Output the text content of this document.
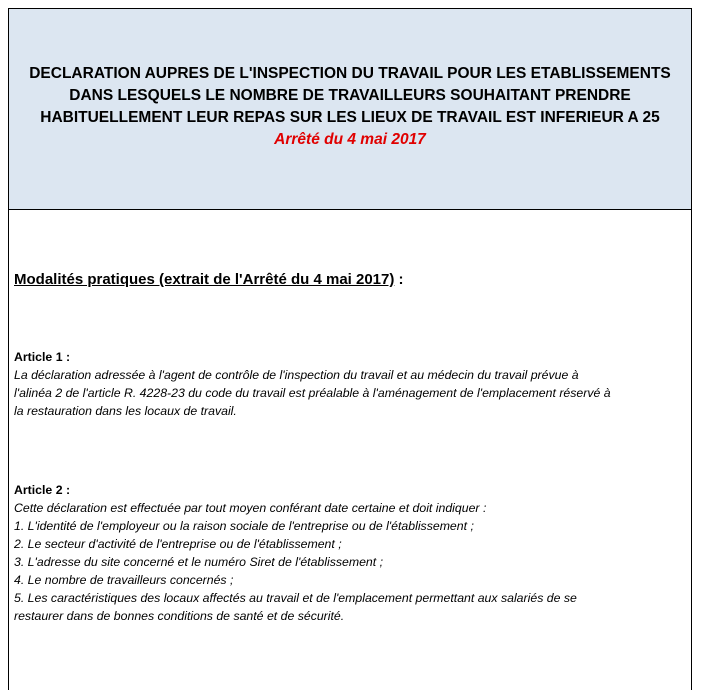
DECLARATION AUPRES DE L'INSPECTION DU TRAVAIL POUR LES ETABLISSEMENTS
DANS LESQUELS LE NOMBRE DE TRAVAILLEURS SOUHAITANT PRENDRE
HABITUELLEMENT LEUR REPAS SUR LES LIEUX DE TRAVAIL EST INFERIEUR A 25
Arrêté du 4 mai 2017
Modalités pratiques (extrait de l'Arrêté du 4 mai 2017) :
Article 1 :
La déclaration adressée à l'agent de contrôle de l'inspection du travail et au médecin du travail prévue à
l'alinéa 2 de l'article R. 4228-23 du code du travail est préalable à l'aménagement de l'emplacement réservé à
la restauration dans les locaux de travail.
Article 2 :
Cette déclaration est effectuée par tout moyen conférant date certaine et doit indiquer :
1. L'identité de l'employeur ou la raison sociale de l'entreprise ou de l'établissement ;
2. Le secteur d'activité de l'entreprise ou de l'établissement ;
3. L'adresse du site concerné et le numéro Siret de l'établissement ;
4. Le nombre de travailleurs concernés ;
5. Les caractéristiques des locaux affectés au travail et de l'emplacement permettant aux salariés de se
restaurer dans de bonnes conditions de santé et de sécurité.
